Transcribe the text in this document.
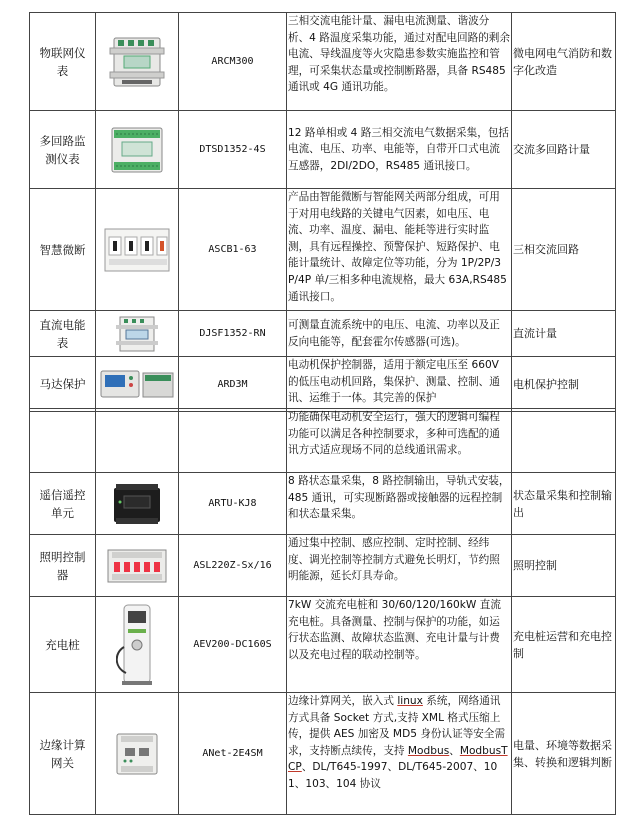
物联网仪表		ARCM300	三相交流电能计量、漏电电流测量、谐波分析、4 路温度采集功能，通过对配电回路的剩余电流、导线温度等火灾隐患参数实施监控和管理，可采集状态量或控制断路器，具备 RS485 通讯或 4G 通讯功能。	微电网电气消防和数字化改造
多回路监测仪表		DTSD1352-4S	12 路单相或 4 路三相交流电气数据采集，包括电流、电压、功率、电能等，自带开口式电流互感器，2DI/2DO，RS485 通讯接口。	交流多回路计量
智慧微断		ASCB1-63	产品由智能微断与智能网关两部分组成，可用于对用电线路的关键电气因素，如电压、电流、功率、温度、漏电、能耗等进行实时监测，具有远程操控、预警保护、短路保护、电能计量统计、故障定位等功能，分为 1P/2P/3P/4P 单/三相多种电流规格，最大 63A,RS485 通讯接口。	三相交流回路
直流电能表		DJSF1352-RN	可测量直流系统中的电压、电流、功率以及正反向电能等，配套霍尔传感器(可选)。	直流计量
马达保护		ARD3M	电动机保护控制器，适用于额定电压至 660V 的低压电动机回路，集保护、测量、控制、通讯、运维于一体。其完善的保护	电机保护控制
			功能确保电动机安全运行，强大的逻辑可编程功能可以满足各种控制要求，多种可选配的通讯方式适应现场不同的总线通讯需求。	
遥信遥控单元		ARTU-KJ8	8 路状态量采集，8 路控制输出，导轨式安装，485 通讯，可实现断路器或接触器的远程控制和状态量采集。	状态量采集和控制输出
照明控制器		ASL220Z-Sx/16	通过集中控制、感应控制、定时控制、经纬度、调光控制等控制方式避免长明灯，节约照明能源，延长灯具寿命。	照明控制
充电桩		AEV200-DC160S	7kW 交流充电桩和 30/60/120/160kW 直流充电桩。具备测量、控制与保护的功能，如运行状态监测、故障状态监测、充电计量与计费以及充电过程的联动控制等。	充电桩运营和充电控制
边缘计算网关		ANet-2E4SM	边缘计算网关，嵌入式 linux 系统，网络通讯方式具备 Socket 方式,支持 XML 格式压缩上传，提供 AES 加密及 MD5 身份认证等安全需求，支持断点续传，支持 Modbus、ModbusTCP、DL/T645-1997、DL/T645-2007、101、103、104 协议	电量、环境等数据采集、转换和逻辑判断
